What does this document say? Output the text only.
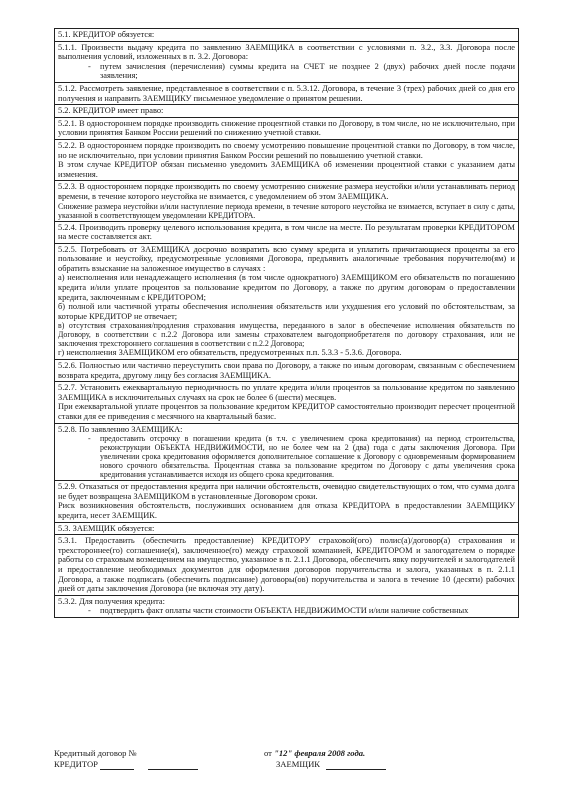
5.1. КРЕДИТОР обязуется:

5.1.1. Произвести выдачу кредита по заявлению ЗАЕМЩИКА в соответствии с условиями п. 3.2., 3.3. Договора после выполнения условий, изложенных в п. 3.2. Договора:

- путем зачисления (перечисления) суммы кредита на СЧЕТ не позднее 2 (двух) рабочих дней после подачи заявления;

5.1.2. Рассмотреть заявление, представленное в соответствии с п. 5.3.12. Договора, в течение 3 (трех) рабочих дней со дня его получения и направить ЗАЕМЩИКУ письменное уведомление о принятом решении.

5.2. КРЕДИТОР имеет право:

5.2.1. В одностороннем порядке производить снижение процентной ставки по Договору, в том числе, но не исключительно, при условии принятия Банком России решений по снижению учетной ставки.

5.2.2. В одностороннем порядке производить по своему усмотрению повышение процентной ставки по Договору, в том числе, но не исключительно, при условии принятия Банком России решений по повышению учетной ставки.

В этом случае КРЕДИТОР обязан письменно уведомить ЗАЕМЩИКА об изменении процентной ставки с указанием даты изменения.

5.2.3. В одностороннем порядке производить по своему усмотрению снижение размера неустойки и/или устанавливать период времени, в течение которого неустойка не взимается, с уведомлением об этом ЗАЕМЩИКА.

Снижение размера неустойки и/или наступление периода времени, в течение которого неустойка не взимается, вступает в силу с даты, указанной в соответствующем уведомлении КРЕДИТОРА.

5.2.4. Производить проверку целевого использования кредита, в том числе на месте. По результатам проверки КРЕДИТОРОМ на месте составляется акт.

5.2.5. Потребовать от ЗАЕМЩИКА досрочно возвратить всю сумму кредита и уплатить причитающиеся проценты за его пользование и неустойку, предусмотренные условиями Договора, предъявить аналогичные требования поручителю(ям) и обратить взыскание на заложенное имущество в случаях :

а) неисполнения или ненадлежащего исполнения (в том числе однократного) ЗАЕМЩИКОМ его обязательств по погашению кредита и/или уплате процентов за пользование кредитом по Договору, а также по другим договорам о предоставлении кредита, заключенным с КРЕДИТОРОМ;

б) полной или частичной утраты обеспечения исполнения обязательств или ухудшения его условий по обстоятельствам, за которые КРЕДИТОР не отвечает;

в) отсутствия страхования/продления страхования имущества, переданного в залог в обеспечение исполнения обязательств по Договору, в соответствии с п.2.2 Договора или замены страхователем выгодоприобретателя по договору страхования, или не заключения трехстороннего соглашения в соответствии с п.2.2 Договора;

г) неисполнения ЗАЕМЩИКОМ его обязательств, предусмотренных п.п. 5.3.3 - 5.3.6. Договора.

5.2.6. Полностью или частично переуступить свои права по Договору, а также по иным договорам, связанным с обеспечением возврата кредита, другому лицу без согласия ЗАЕМЩИКА.

5.2.7. Установить ежеквартальную периодичность по уплате кредита и/или процентов за пользование кредитом по заявлению ЗАЕМЩИКА в исключительных случаях на срок не более 6 (шести) месяцев.

При ежеквартальной уплате процентов за пользование кредитом КРЕДИТОР самостоятельно производит пересчет процентной ставки для ее приведения с месячного на квартальный базис.

5.2.8. По заявлению ЗАЕМЩИКА:

- предоставить отсрочку в погашении кредита (в т.ч. с увеличением срока кредитования) на период строительства, реконструкции ОБЪЕКТА НЕДВИЖИМОСТИ, но не более чем на 2 (два) года с даты заключения Договора. При увеличении срока кредитования оформляется дополнительное соглашение к Договору с одновременным формированием нового срочного обязательства. Процентная ставка за пользование кредитом по Договору с даты увеличения срока кредитования устанавливается исходя из общего срока кредитования.

5.2.9. Отказаться от предоставления кредита при наличии обстоятельств, очевидно свидетельствующих о том, что сумма долга не будет возвращена ЗАЕМЩИКОМ в установленные Договором сроки.

Риск возникновения обстоятельств, послуживших основанием для отказа КРЕДИТОРА в предоставлении ЗАЕМЩИКУ кредита, несет ЗАЕМЩИК.

5.3. ЗАЕМЩИК обязуется:

5.3.1. Предоставить (обеспечить предоставление) КРЕДИТОРУ страховой(ого) полис(а)/договор(а) страхования и трехстороннее(го) соглашение(я), заключенное(го) между страховой компанией, КРЕДИТОРОМ и залогодателем о порядке работы со страховым возмещением на имущество, указанное в п. 2.1.1 Договора, обеспечить явку поручителей и залогодателей и предоставление необходимых документов для оформления договоров поручительства и залога, указанных в п. 2.1.1 Договора, а также подписать (обеспечить подписание) договоры(ов) поручительства и залога в течение 10 (десяти) рабочих дней от даты заключения Договора (не включая эту дату).

5.3.2. Для получения кредита:

- подтвердить факт оплаты части стоимости ОБЪЕКТА НЕДВИЖИМОСТИ и/или наличие собственных
Кредитный договор №	от "12" февраля 2008 года.
КРЕДИТОР	ЗАЕМЩИК
